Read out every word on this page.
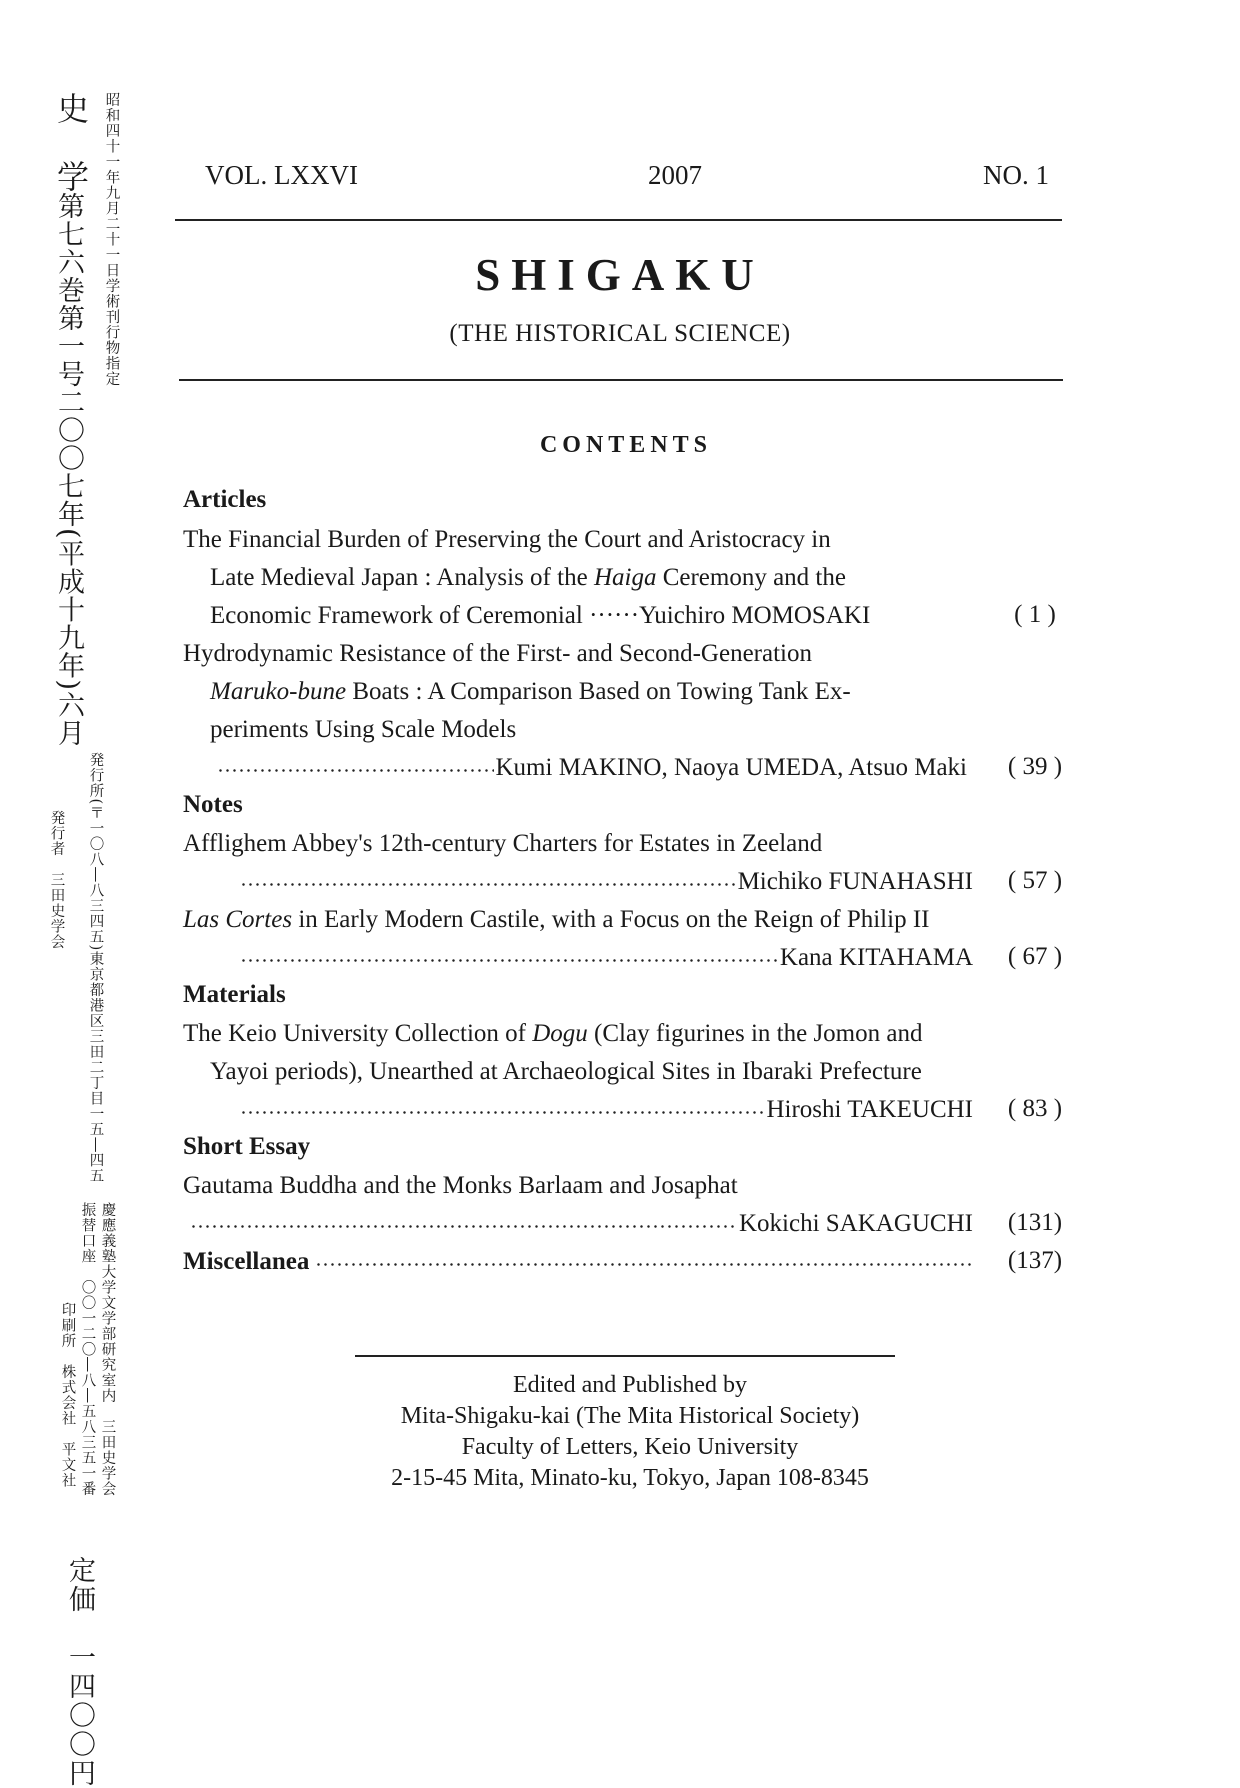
史　学
第七六巻第一号二〇〇七年(平成十九年)六月 昭和四十一年九月二十一日学術刊行物指定
発行所(〒一〇八―八三四五)東京都港区三田二丁目一五―四五
発行者　三田史学会
慶應義塾大学文学部研究室内　三田史学会
振替口座　〇〇一二〇―八―五八三五一番
印刷所　株式会社　平文社
定価　一四〇〇円
VOL. LXXVI	2007	NO. 1
SHIGAKU
(THE HISTORICAL SCIENCE)
CONTENTS
Articles
The Financial Burden of Preserving the Court and Aristocracy in
Late Medieval Japan : Analysis of the Haiga Ceremony and the
Economic Framework of Ceremonial ······Yuichiro MOMOSAKI	( 1 )
Hydrodynamic Resistance of the First- and Second-Generation
Maruko-bune Boats : A Comparison Based on Towing Tank Ex-
periments Using Scale Models
Kumi MAKINO, Naoya UMEDA, Atsuo Maki	( 39 )
Notes
Afflighem Abbey's 12th-century Charters for Estates in Zeeland
Michiko FUNAHASHI	( 57 )
Las Cortes in Early Modern Castile, with a Focus on the Reign of Philip II
Kana KITAHAMA	( 67 )
Materials
The Keio University Collection of Dogu (Clay figurines in the Jomon and
Yayoi periods), Unearthed at Archaeological Sites in Ibaraki Prefecture
Hiroshi TAKEUCHI	( 83 )
Short Essay
Gautama Buddha and the Monks Barlaam and Josaphat
Kokichi SAKAGUCHI	(131)
Miscellanea	(137)
Edited and Published by
Mita-Shigaku-kai (The Mita Historical Society)
Faculty of Letters, Keio University
2-15-45 Mita, Minato-ku, Tokyo, Japan 108-8345
